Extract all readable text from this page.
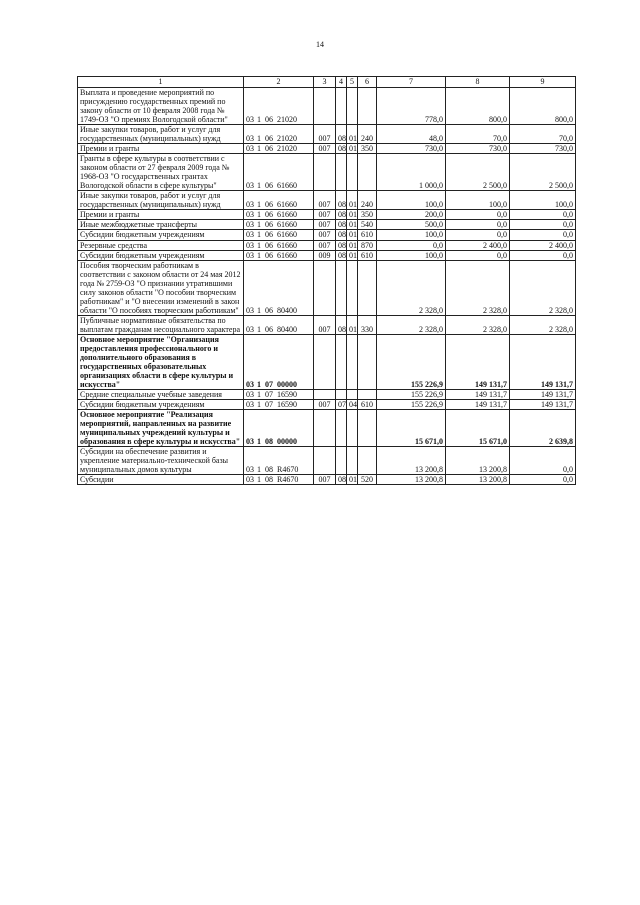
14
1	2	3	4	5	6	7	8	9
Выплата и проведение мероприятий по присуждению государственных премий по закону области от 10 февраля 2008 года № 1749-ОЗ "О премиях Вологодской области"	03 1 06 21020					778,0	800,0	800,0
Иные закупки товаров, работ и услуг для государственных (муниципальных) нужд	03 1 06 21020	007	08	01	240	48,0	70,0	70,0
Премии и гранты	03 1 06 21020	007	08	01	350	730,0	730,0	730,0
Гранты в сфере культуры в соответствии с законом области от 27 февраля 2009 года № 1968-ОЗ "О государственных грантах Вологодской области в сфере культуры"	03 1 06 61660					1 000,0	2 500,0	2 500,0
Иные закупки товаров, работ и услуг для государственных (муниципальных) нужд	03 1 06 61660	007	08	01	240	100,0	100,0	100,0
Премии и гранты	03 1 06 61660	007	08	01	350	200,0	0,0	0,0
Иные межбюджетные трансферты	03 1 06 61660	007	08	01	540	500,0	0,0	0,0
Субсидии бюджетным учреждениям	03 1 06 61660	007	08	01	610	100,0	0,0	0,0
Резервные средства	03 1 06 61660	007	08	01	870	0,0	2 400,0	2 400,0
Субсидии бюджетным учреждениям	03 1 06 61660	009	08	01	610	100,0	0,0	0,0
Пособия творческим работникам в соответствии с законом области от 24 мая 2012 года № 2759-ОЗ "О признании утратившими силу законов области "О пособии творческим работникам" и "О внесении изменений в закон области "О пособиях творческим работникам"	03 1 06 80400					2 328,0	2 328,0	2 328,0
Публичные нормативные обязательства по выплатам гражданам несоциального характера	03 1 06 80400	007	08	01	330	2 328,0	2 328,0	2 328,0
Основное мероприятие "Организация предоставления профессионального и дополнительного образования в государственных образовательных организациях области в сфере культуры и искусства"	03 1 07 00000					155 226,9	149 131,7	149 131,7
Средние специальные учебные заведения	03 1 07 16590					155 226,9	149 131,7	149 131,7
Субсидии бюджетным учреждениям	03 1 07 16590	007	07	04	610	155 226,9	149 131,7	149 131,7
Основное мероприятие "Реализация мероприятий, направленных на развитие муниципальных учреждений культуры и образования в сфере культуры и искусства"	03 1 08 00000					15 671,0	15 671,0	2 639,8
Субсидии на обеспечение развития и укрепление материально-технической базы муниципальных домов культуры	03 1 08 R4670					13 200,8	13 200,8	0,0
Субсидии	03 1 08 R4670	007	08	01	520	13 200,8	13 200,8	0,0
